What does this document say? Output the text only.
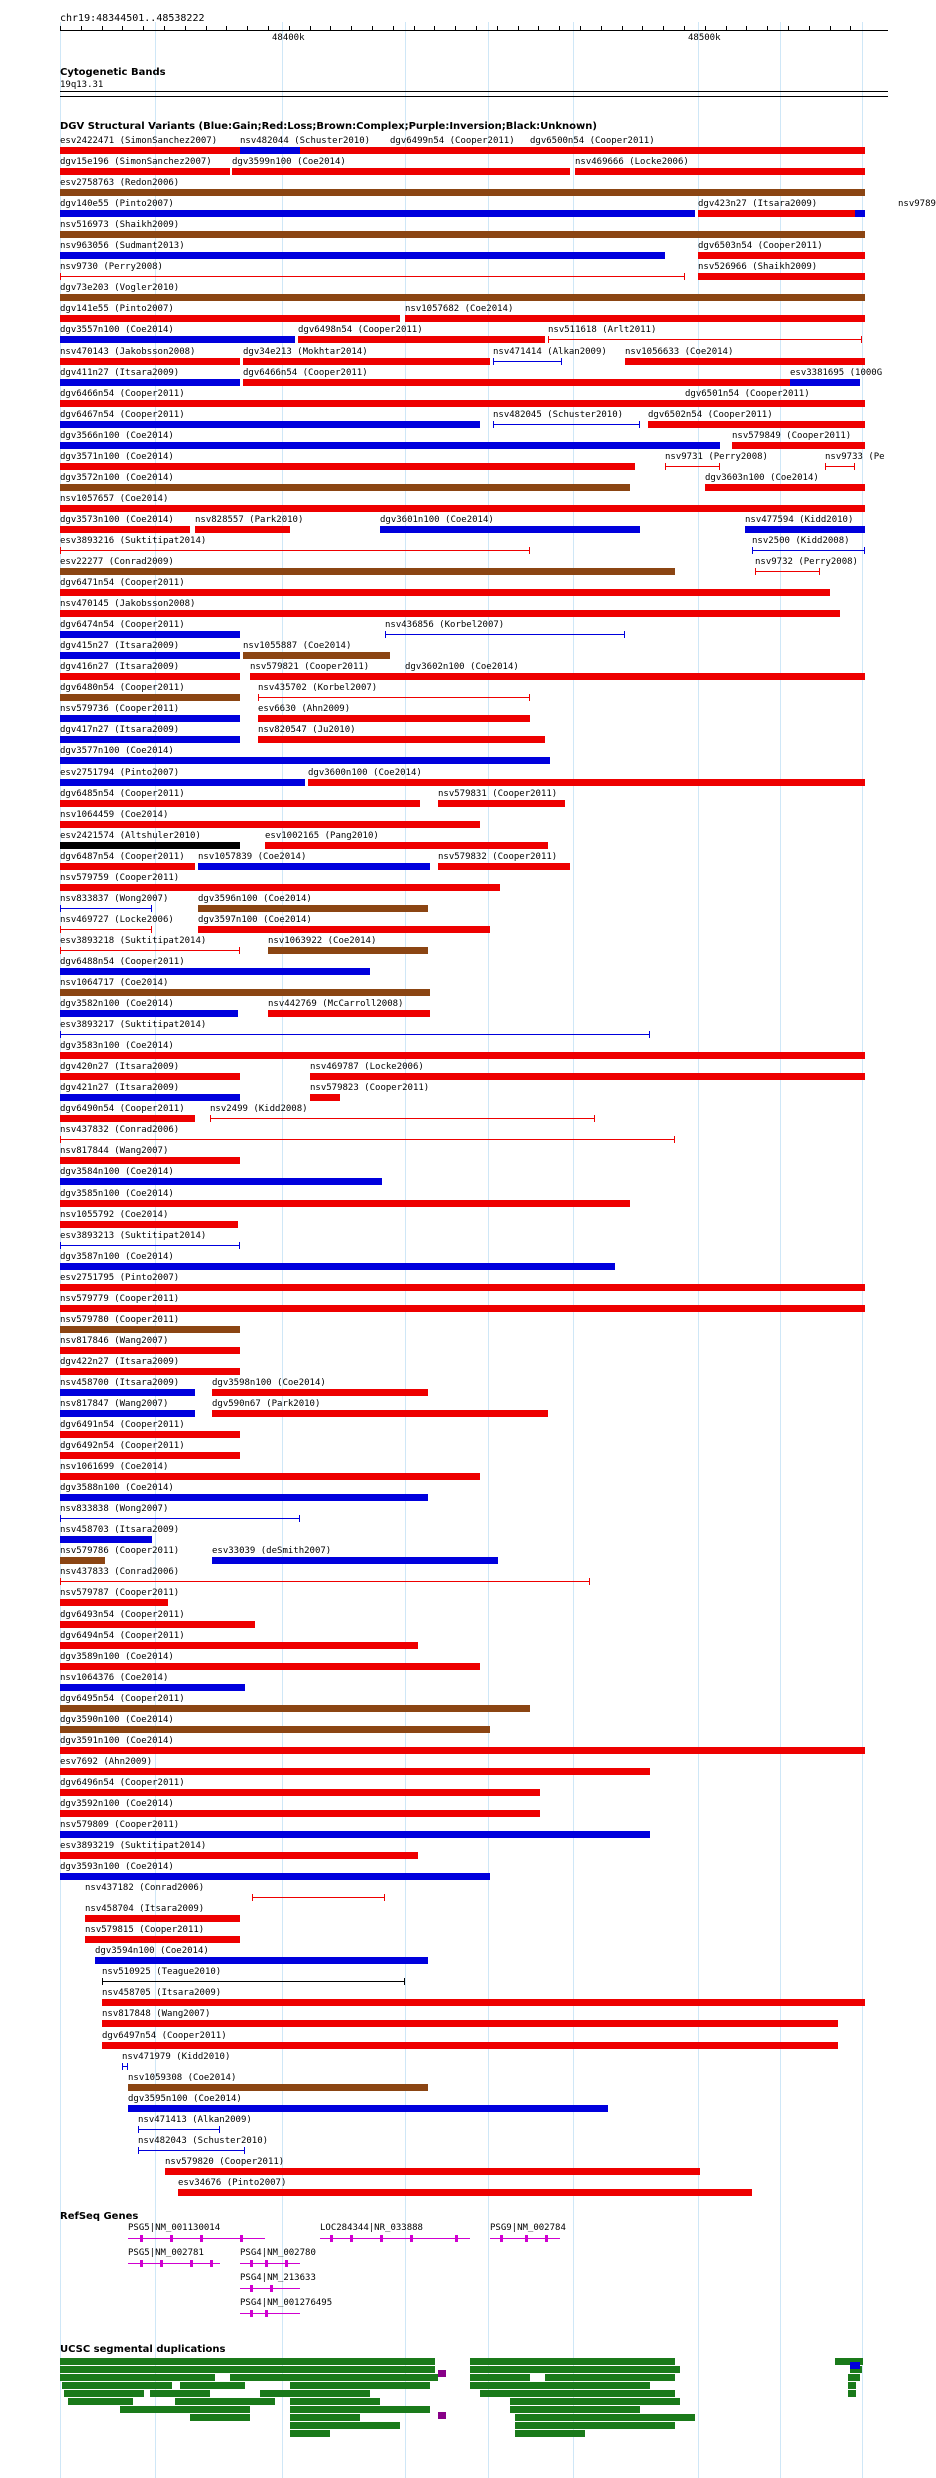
chr19:48344501..48538222
48400k	48500k
Cytogenetic Bands
19q13.31
DGV Structural Variants (Blue:Gain;Red:Loss;Brown:Complex;Purple:Inversion;Black:Unknown)
esv2422471 (SimonSanchez2007)	nsv482044 (Schuster2010) dgv6499n54 (Cooper2011) dgv6500n54 (Cooper2011)
dgv15e196 (SimonSanchez2007) dgv3599n100 (Coe2014)	nsv469666 (Locke2006)
esv2758763 (Redon2006)
dgv140e55 (Pinto2007)	dgv423n27 (Itsara2009)	nsv9789
nsv516973 (Shaikh2009)
nsv963056 (Sudmant2013)	dgv6503n54 (Cooper2011)
nsv9730 (Perry2008)	nsv526966 (Shaikh2009)
dgv73e203 (Vogler2010)
dgv141e55 (Pinto2007)	nsv1057682 (Coe2014)
dgv3557n100 (Coe2014)	dgv6498n54 (Cooper2011)	nsv511618 (Arlt2011)
nsv470143 (Jakobsson2008)	dgv34e213 (Mokhtar2014)	nsv471414 (Alkan2009) nsv1056633 (Coe2014)
dgv411n27 (Itsara2009)	dgv6466n54 (Cooper2011)	esv3381695 (1000G
dgv6466n54 (Cooper2011)	dgv6501n54 (Cooper2011)
dgv6467n54 (Cooper2011)	nsv482045 (Schuster2010)	dgv6502n54 (Cooper2011)
dgv3566n100 (Coe2014)	nsv579849 (Cooper2011)
dgv3571n100 (Coe2014)	nsv9731 (Perry2008)	nsv9733 (Pe
dgv3572n100 (Coe2014)	dgv3603n100 (Coe2014)
nsv1057657 (Coe2014)
dgv3573n100 (Coe2014) nsv828557 (Park2010)	dgv3601n100 (Coe2014)	nsv477594 (Kidd2010)
esv3893216 (Suktitipat2014)	nsv2500 (Kidd2008)
esv22277 (Conrad2009)	nsv9732 (Perry2008)
dgv6471n54 (Cooper2011)
nsv470145 (Jakobsson2008)
dgv6474n54 (Cooper2011)	nsv436856 (Korbel2007)
dgv415n27 (Itsara2009)	nsv1055887 (Coe2014)
dgv416n27 (Itsara2009)	nsv579821 (Cooper2011)	dgv3602n100 (Coe2014)
dgv6480n54 (Cooper2011)	nsv435702 (Korbel2007)
nsv579736 (Cooper2011)	esv6630 (Ahn2009)
dgv417n27 (Itsara2009)	nsv820547 (Ju2010)
dgv3577n100 (Coe2014)
esv2751794 (Pinto2007)	dgv3600n100 (Coe2014)
dgv6485n54 (Cooper2011)	nsv579831 (Cooper2011)
nsv1064459 (Coe2014)
esv2421574 (Altshuler2010)	esv1002165 (Pang2010)
dgv6487n54 (Cooper2011) nsv1057839 (Coe2014)	nsv579832 (Cooper2011)
nsv579759 (Cooper2011)
nsv833837 (Wong2007)	dgv3596n100 (Coe2014)
nsv469727 (Locke2006)	dgv3597n100 (Coe2014)
esv3893218 (Suktitipat2014)	nsv1063922 (Coe2014)
dgv6488n54 (Cooper2011)
nsv1064717 (Coe2014)
dgv3582n100 (Coe2014)	nsv442769 (McCarroll2008)
esv3893217 (Suktitipat2014)
dgv3583n100 (Coe2014)
dgv420n27 (Itsara2009)	nsv469787 (Locke2006)
dgv421n27 (Itsara2009)	nsv579823 (Cooper2011)
dgv6490n54 (Cooper2011)	nsv2499 (Kidd2008)
nsv437832 (Conrad2006)
nsv817844 (Wang2007)
dgv3584n100 (Coe2014)
dgv3585n100 (Coe2014)
nsv1055792 (Coe2014)
esv3893213 (Suktitipat2014)
dgv3587n100 (Coe2014)
esv2751795 (Pinto2007)
nsv579779 (Cooper2011)
nsv579780 (Cooper2011)
nsv817846 (Wang2007)
dgv422n27 (Itsara2009)
nsv458700 (Itsara2009)	dgv3598n100 (Coe2014)
nsv817847 (Wang2007)	dgv590n67 (Park2010)
dgv6491n54 (Cooper2011)
dgv6492n54 (Cooper2011)
nsv1061699 (Coe2014)
dgv3588n100 (Coe2014)
nsv833838 (Wong2007)
nsv458703 (Itsara2009)
nsv579786 (Cooper2011)	esv33039 (deSmith2007)
nsv437833 (Conrad2006)
nsv579787 (Cooper2011)
dgv6493n54 (Cooper2011)
dgv6494n54 (Cooper2011)
dgv3589n100 (Coe2014)
nsv1064376 (Coe2014)
dgv6495n54 (Cooper2011)
dgv3590n100 (Coe2014)
dgv3591n100 (Coe2014)
esv7692 (Ahn2009)
dgv6496n54 (Cooper2011)
dgv3592n100 (Coe2014)
nsv579809 (Cooper2011)
esv3893219 (Suktitipat2014)
dgv3593n100 (Coe2014)
nsv437182 (Conrad2006)
nsv458704 (Itsara2009)
nsv579815 (Cooper2011)
dgv3594n100 (Coe2014)
nsv510925 (Teague2010)
nsv458705 (Itsara2009)
nsv817848 (Wang2007)
dgv6497n54 (Cooper2011)
nsv471979 (Kidd2010)
nsv1059308 (Coe2014)
dgv3595n100 (Coe2014)
nsv471413 (Alkan2009)
nsv482043 (Schuster2010)
nsv579820 (Cooper2011)
esv34676 (Pinto2007)
RefSeq Genes
PSG5|NM_001130014	LOC284344|NR_033888	PSG9|NM_002784
PSG5|NM_002781	PSG4|NM_002780
PSG4|NM_213633
PSG4|NM_001276495
UCSC segmental duplications
